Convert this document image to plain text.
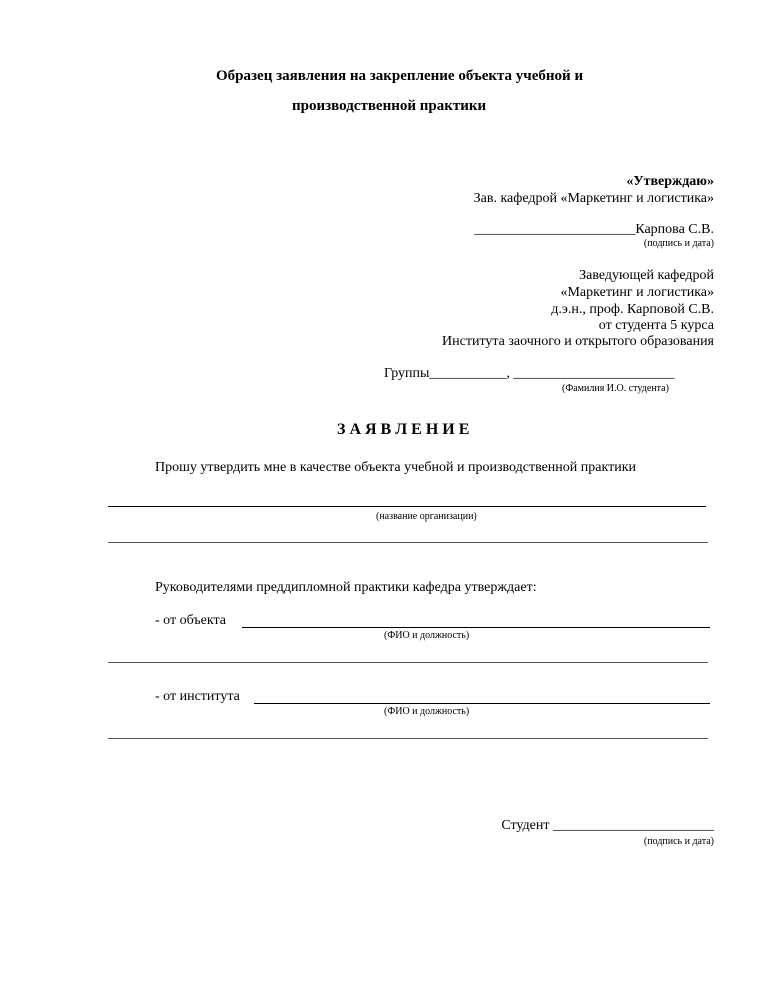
Образец заявления на закрепление объекта учебной и
производственной практики
«Утверждаю»
Зав. кафедрой «Маркетинг и логистика»
_______________________Карпова С.В.
(подпись и дата)
Заведующей кафедрой
«Маркетинг и логистика»
д.э.н., проф. Карповой С.В.
от студента 5 курса
Института заочного и открытого образования
Группы___________, _______________________
(Фамилия И.О. студента)
З А Я В Л Е Н И Е
Прошу утвердить мне в качестве объекта учебной и производственной практики
(название организации)
Руководителями преддипломной практики кафедра утверждает:
- от объекта
(ФИО и должность)
- от института
(ФИО и должность)
Студент _______________________
(подпись и дата)
